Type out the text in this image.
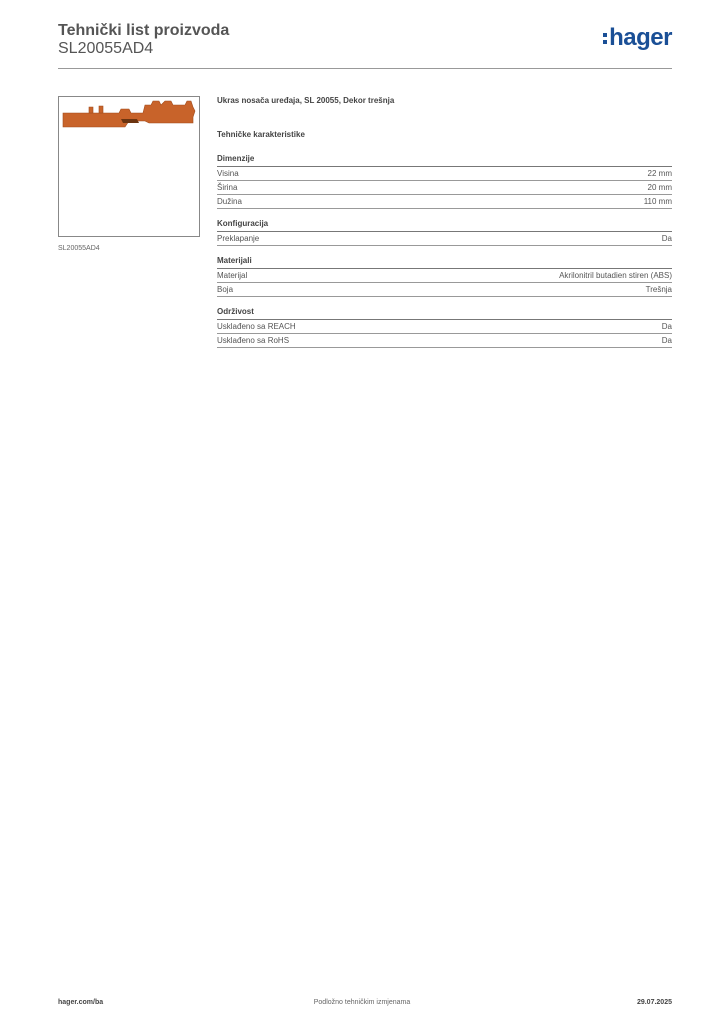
Tehnički list proizvoda
SL20055AD4	hager
SL20055AD4
Ukras nosača uređaja, SL 20055, Dekor trešnja
Tehničke karakteristike
Dimenzije
Visina	22 mm
Širina	20 mm
Dužina	110 mm
Konfiguracija
Preklapanje	Da
Materijali
Materijal	Akrilonitril butadien stiren (ABS)
Boja	Trešnja
Održivost
Usklađeno sa REACH	Da
Usklađeno sa RoHS	Da
hager.com/ba	Podložno tehničkim izmjenama	29.07.2025
